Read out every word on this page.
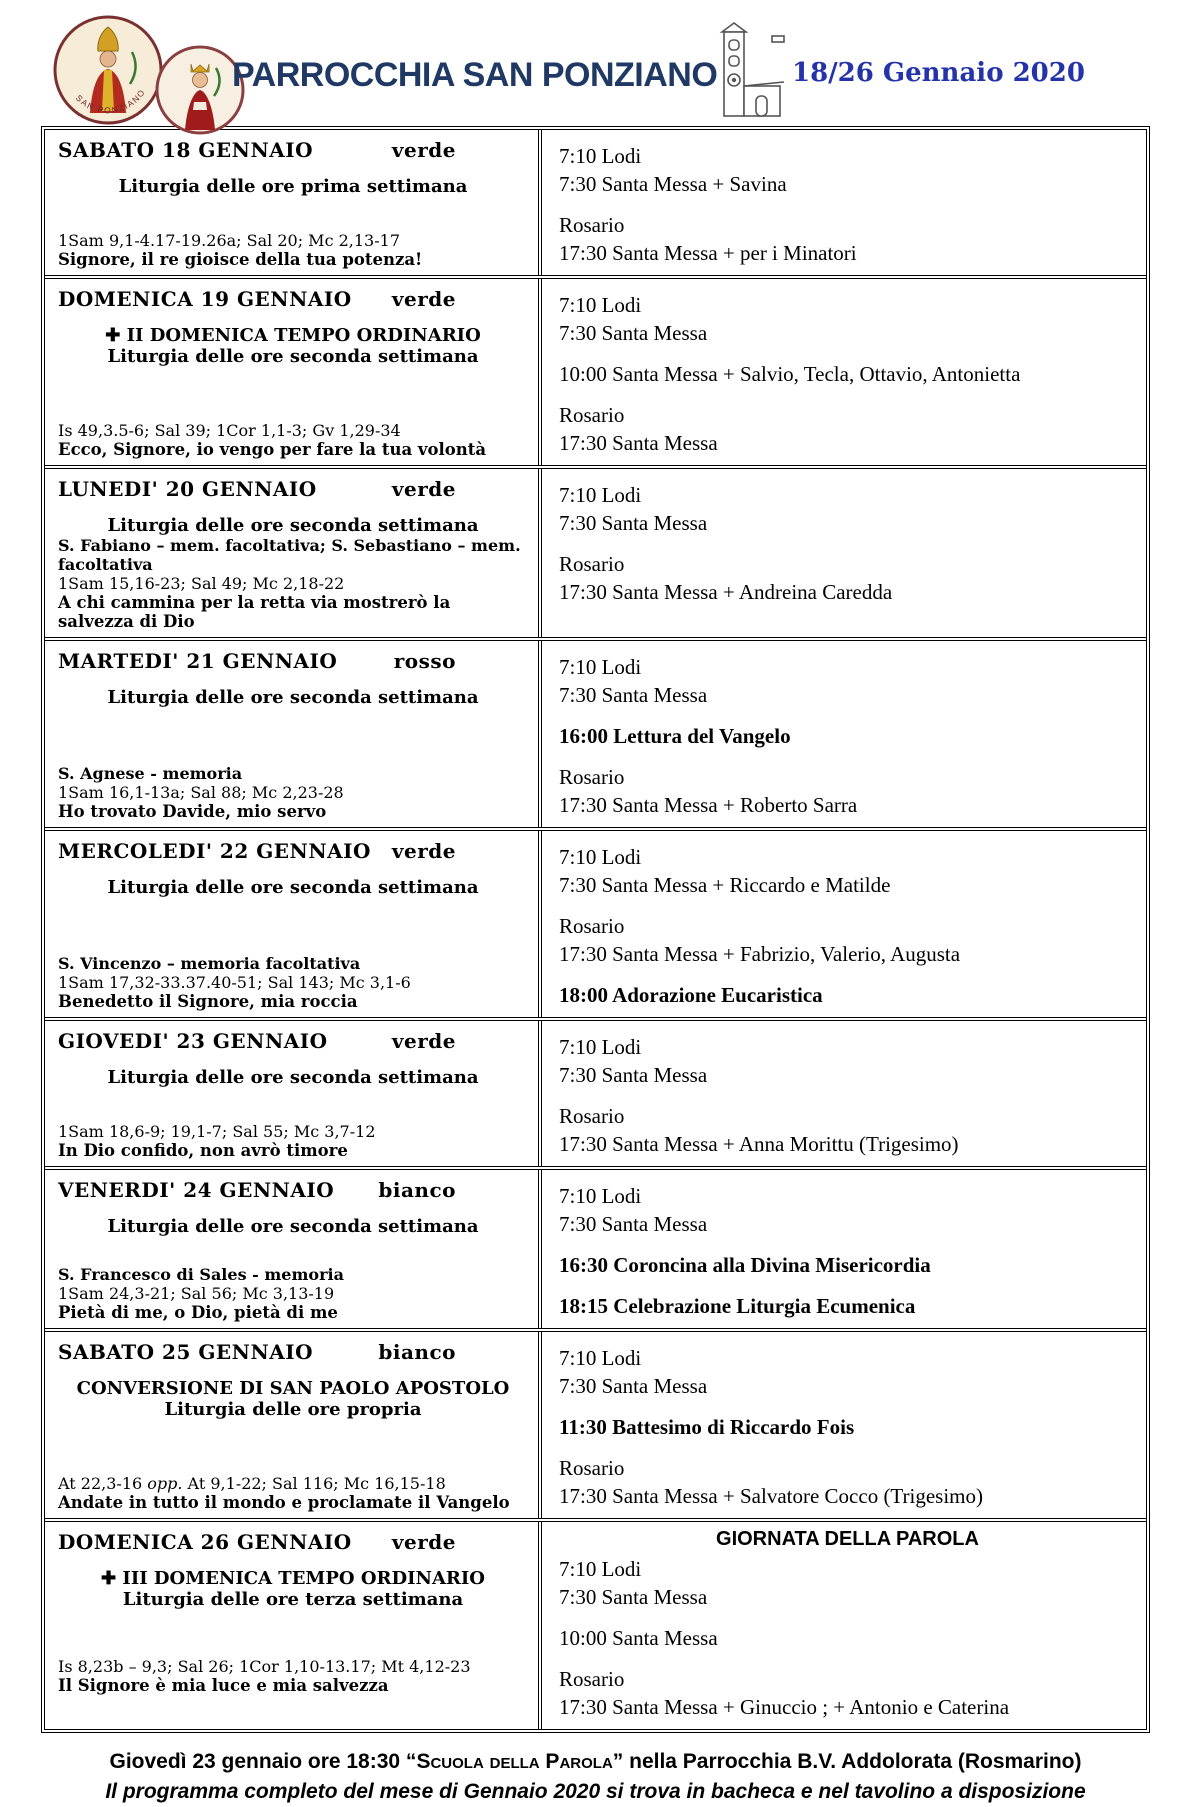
SAN PONZIANO PARROCCHIA SAN PONZIANO	18/26 Gennaio 2020
SABATO 18 GENNAIO	verde
Liturgia delle ore prima settimana
1Sam 9,1-4.17-19.26a; Sal 20; Mc 2,13-17
Signore, il re gioisce della tua potenza!
7:10 Lodi
7:30 Santa Messa + Savina
Rosario
17:30 Santa Messa + per i Minatori
DOMENICA 19 GENNAIO verde
✚ II DOMENICA TEMPO ORDINARIO
Liturgia delle ore seconda settimana
Is 49,3.5-6; Sal 39; 1Cor 1,1-3; Gv 1,29-34
Ecco, Signore, io vengo per fare la tua volontà
7:10 Lodi
7:30 Santa Messa
10:00 Santa Messa + Salvio, Tecla, Ottavio, Antonietta
Rosario
17:30 Santa Messa
LUNEDI' 20 GENNAIO	verde
Liturgia delle ore seconda settimana
S. Fabiano – mem. facoltativa; S. Sebastiano – mem. facoltativa
1Sam 15,16-23; Sal 49; Mc 2,18-22
A chi cammina per la retta via mostrerò la salvezza di Dio
7:10 Lodi
7:30 Santa Messa
Rosario
17:30 Santa Messa + Andreina Caredda
MARTEDI' 21 GENNAIO	rosso
Liturgia delle ore seconda settimana
S. Agnese - memoria
1Sam 16,1-13a; Sal 88; Mc 2,23-28
Ho trovato Davide, mio servo
7:10 Lodi
7:30 Santa Messa
16:00 Lettura del Vangelo
Rosario
17:30 Santa Messa + Roberto Sarra
MERCOLEDI' 22 GENNAIO verde
Liturgia delle ore seconda settimana
S. Vincenzo – memoria facoltativa
1Sam 17,32-33.37.40-51; Sal 143; Mc 3,1-6
Benedetto il Signore, mia roccia
7:10 Lodi
7:30 Santa Messa + Riccardo e Matilde
Rosario
17:30 Santa Messa + Fabrizio, Valerio, Augusta
18:00 Adorazione Eucaristica
GIOVEDI' 23 GENNAIO	verde
Liturgia delle ore seconda settimana
1Sam 18,6-9; 19,1-7; Sal 55; Mc 3,7-12
In Dio confido, non avrò timore
7:10 Lodi
7:30 Santa Messa
Rosario
17:30 Santa Messa + Anna Morittu (Trigesimo)
VENERDI' 24 GENNAIO bianco
Liturgia delle ore seconda settimana
S. Francesco di Sales - memoria
1Sam 24,3-21; Sal 56; Mc 3,13-19
Pietà di me, o Dio, pietà di me
7:10 Lodi
7:30 Santa Messa
16:30 Coroncina alla Divina Misericordia
18:15 Celebrazione Liturgia Ecumenica
SABATO 25 GENNAIO	bianco
CONVERSIONE DI SAN PAOLO APOSTOLO
Liturgia delle ore propria
At 22,3-16 opp. At 9,1-22; Sal 116; Mc 16,15-18
Andate in tutto il mondo e proclamate il Vangelo
7:10 Lodi
7:30 Santa Messa
11:30 Battesimo di Riccardo Fois
Rosario
17:30 Santa Messa + Salvatore Cocco (Trigesimo)
DOMENICA 26 GENNAIO verde
✚ III DOMENICA TEMPO ORDINARIO
Liturgia delle ore terza settimana
Is 8,23b – 9,3; Sal 26; 1Cor 1,10-13.17; Mt 4,12-23
Il Signore è mia luce e mia salvezza
GIORNATA DELLA PAROLA
7:10 Lodi
7:30 Santa Messa
10:00 Santa Messa
Rosario
17:30 Santa Messa + Ginuccio ; + Antonio e Caterina
Giovedì 23 gennaio ore 18:30 “Scuola della Parola” nella Parrocchia B.V. Addolorata (Rosmarino)
Il programma completo del mese di Gennaio 2020 si trova in bacheca e nel tavolino a disposizione
